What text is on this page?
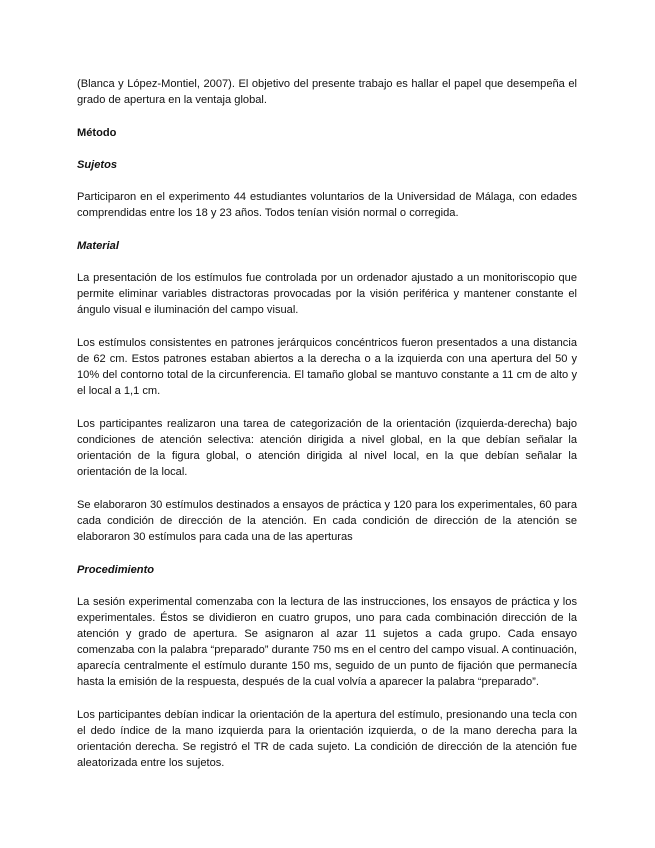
(Blanca y López-Montiel, 2007). El objetivo del presente trabajo es hallar el papel que desempeña el grado de apertura en la ventaja global.

Método

Sujetos

Participaron en el experimento 44 estudiantes voluntarios de la Universidad de Málaga, con edades comprendidas entre los 18 y 23 años. Todos tenían visión normal o corregida.

Material

La presentación de los estímulos fue controlada por un ordenador ajustado a un monitoriscopio que permite eliminar variables distractoras provocadas por la visión periférica y mantener constante el ángulo visual e iluminación del campo visual.

Los estímulos consistentes en patrones jerárquicos concéntricos fueron presentados a una distancia de 62 cm. Estos patrones estaban abiertos a la derecha o a la izquierda con una apertura del 50 y 10% del contorno total de la circunferencia. El tamaño global se mantuvo constante a 11 cm de alto y el local a 1,1 cm.

Los participantes realizaron una tarea de categorización de la orientación (izquierda-derecha) bajo condiciones de atención selectiva: atención dirigida a nivel global, en la que debían señalar la orientación de la figura global, o atención dirigida al nivel local, en la que debían señalar la orientación de la local.

Se elaboraron 30 estímulos destinados a ensayos de práctica y 120 para los experimentales, 60 para cada condición de dirección de la atención. En cada condición de dirección de la atención se elaboraron 30 estímulos para cada una de las aperturas

Procedimiento

La sesión experimental comenzaba con la lectura de las instrucciones, los ensayos de práctica y los experimentales. Éstos se dividieron en cuatro grupos, uno para cada combinación dirección de la atención y grado de apertura. Se asignaron al azar 11 sujetos a cada grupo. Cada ensayo comenzaba con la palabra “preparado” durante 750 ms en el centro del campo visual. A continuación, aparecía centralmente el estímulo durante 150 ms, seguido de un punto de fijación que permanecía hasta la emisión de la respuesta, después de la cual volvía a aparecer la palabra “preparado”.

Los participantes debían indicar la orientación de la apertura del estímulo, presionando una tecla con el dedo índice de la mano izquierda para la orientación izquierda, o de la mano derecha para la orientación derecha. Se registró el TR de cada sujeto. La condición de dirección de la atención fue aleatorizada entre los sujetos.
